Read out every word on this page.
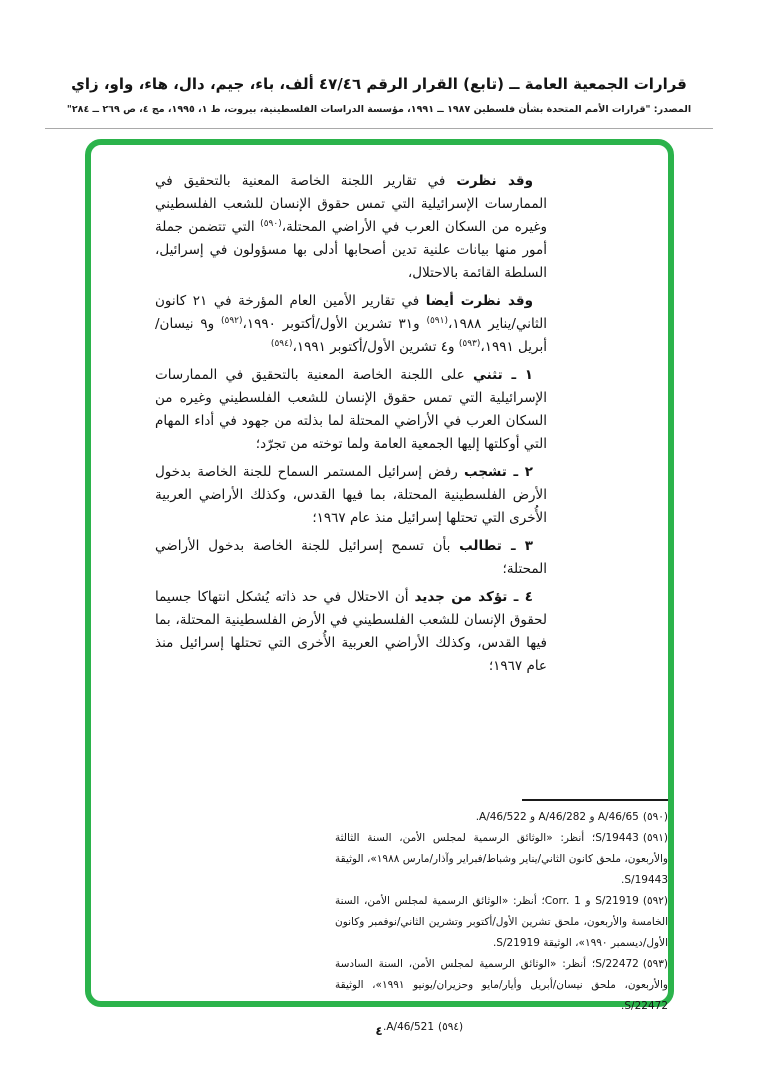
قرارات الجمعية العامة ــ (تابع) القرار الرقم ٤٧/٤٦ ألف، باء، جيم، دال، هاء، واو، زاي
المصدر: "قرارات الأمم المتحدة بشأن فلسطين ١٩٨٧ ــ ١٩٩١، مؤسسة الدراسات الفلسطينية، بيروت، ط ١، ١٩٩٥، مج ٤، ص ٢٦٩ ــ ٢٨٤"

وقد نظرت في تقارير اللجنة الخاصة المعنية بالتحقيق في الممارسات الإسرائيلية التي تمس حقوق الإنسان للشعب الفلسطيني وغيره من السكان العرب في الأراضي المحتلة،$^{(٥٩٠)}$ التي تتضمن جملة أمور منها بيانات علنية تدين أصحابها أدلى بها مسؤولون في إسرائيل، السلطة القائمة بالاحتلال،

وقد نظرت أيضا في تقارير الأمين العام المؤرخة في ٢١ كانون الثاني/يناير ١٩٨٨،$^{(٥٩١)}$ و٣١ تشرين الأول/أكتوبر ١٩٩٠،$^{(٥٩٢)}$ و٩ نيسان/أبريل ١٩٩١،$^{(٥٩٣)}$ و٤ تشرين الأول/أكتوبر ١٩٩١،$^{(٥٩٤)}$

١ ـ تثني على اللجنة الخاصة المعنية بالتحقيق في الممارسات الإسرائيلية التي تمس حقوق الإنسان للشعب الفلسطيني وغيره من السكان العرب في الأراضي المحتلة لما بذلته من جهود في أداء المهام التي أوكلتها إليها الجمعية العامة ولما توخته من تجرّد؛

٢ ـ تشجب رفض إسرائيل المستمر السماح للجنة الخاصة بدخول الأرض الفلسطينية المحتلة، بما فيها القدس، وكذلك الأراضي العربية الأُخرى التي تحتلها إسرائيل منذ عام ١٩٦٧؛

٣ ـ تطالب بأن تسمح إسرائيل للجنة الخاصة بدخول الأراضي المحتلة؛

٤ ـ تؤكد من جديد أن الاحتلال في حد ذاته يُشكل انتهاكا جسيما لحقوق الإنسان للشعب الفلسطيني في الأرض الفلسطينية المحتلة، بما فيها القدس، وكذلك الأراضي العربية الأُخرى التي تحتلها إسرائيل منذ عام ١٩٦٧؛

(٥٩٠)A/46/65 و A/46/282 و A/46/522.

(٥٩١)S/19443؛ أنظر: «الوثائق الرسمية لمجلس الأمن، السنة الثالثة والأربعون، ملحق كانون الثاني/يناير وشباط/فبراير وآذار/مارس ١٩٨٨»، الوثيقة S/19443.

(٥٩٢)S/21919 و Corr. 1؛ أنظر: «الوثائق الرسمية لمجلس الأمن، السنة الخامسة والأربعون، ملحق تشرين الأول/أكتوبر وتشرين الثاني/نوفمبر وكانون الأول/ديسمبر ١٩٩٠»، الوثيقة S/21919.

(٥٩٣)S/22472؛ أنظر: «الوثائق الرسمية لمجلس الأمن، السنة السادسة والأربعون، ملحق نيسان/أبريل وأيار/مايو وحزيران/يونيو ١٩٩١»، الوثيقة S/22472.

(٥٩٤)A/46/521.

٤
